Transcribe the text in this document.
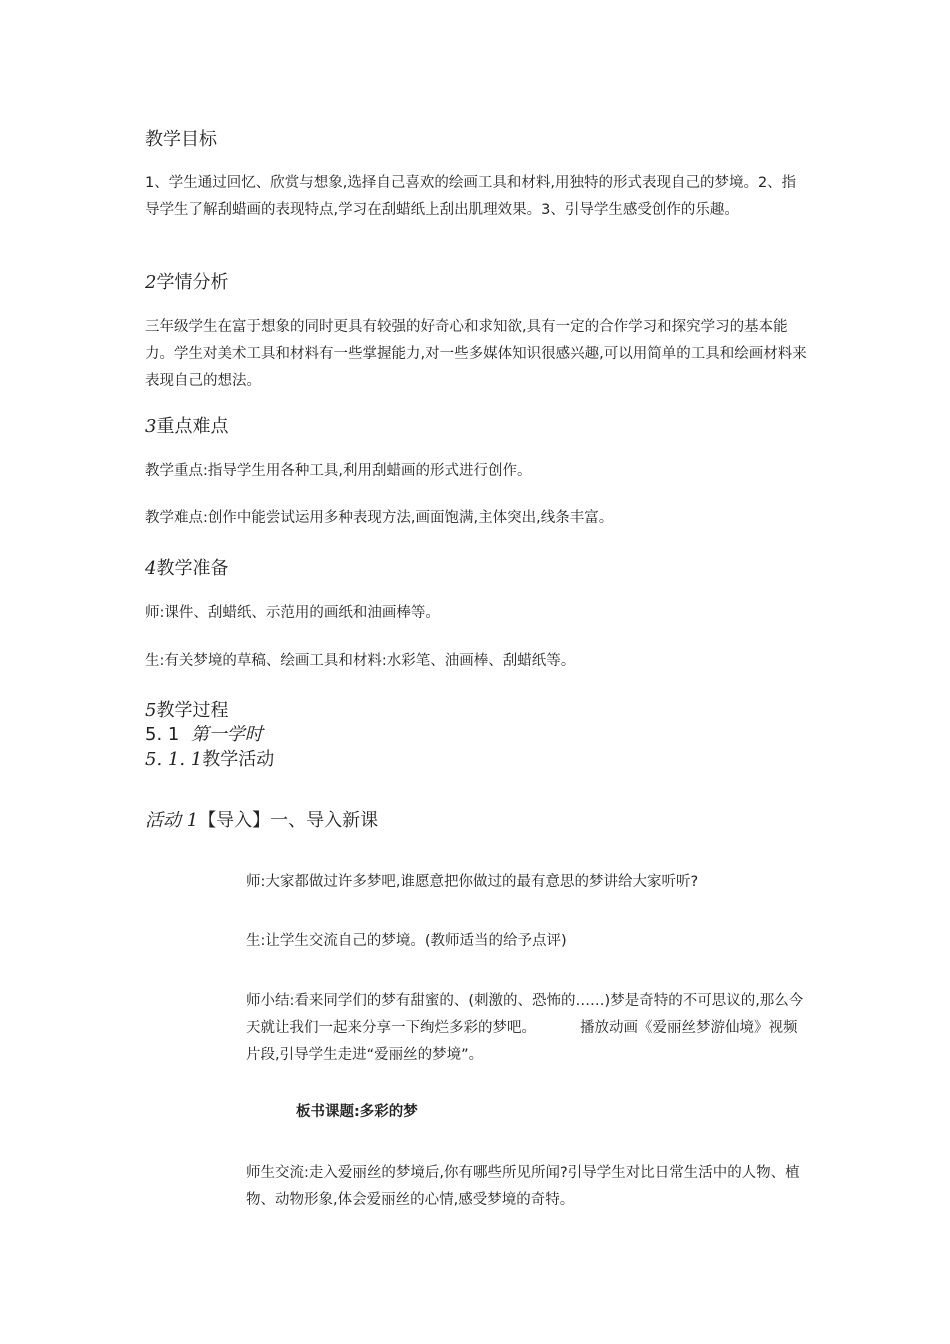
教学目标

1、学生通过回忆、欣赏与想象,选择自己喜欢的绘画工具和材料,用独特的形式表现自己的梦境。2、指导学生了解刮蜡画的表现特点,学习在刮蜡纸上刮出肌理效果。3、引导学生感受创作的乐趣。

2学情分析

三年级学生在富于想象的同时更具有较强的好奇心和求知欲,具有一定的合作学习和探究学习的基本能力。学生对美术工具和材料有一些掌握能力,对一些多媒体知识很感兴趣,可以用简单的工具和绘画材料来表现自己的想法。

3重点难点

教学重点:指导学生用各种工具,利用刮蜡画的形式进行创作。

教学难点:创作中能尝试运用多种表现方法,画面饱满,主体突出,线条丰富。

4教学准备

师:课件、刮蜡纸、示范用的画纸和油画棒等。

生:有关梦境的草稿、绘画工具和材料:水彩笔、油画棒、刮蜡纸等。

5教学过程
5. 1 第一学时
5. 1. 1教学活动
活动 1【导入】一、导入新课

师:大家都做过许多梦吧,谁愿意把你做过的最有意思的梦讲给大家听听?

生:让学生交流自己的梦境。(教师适当的给予点评)

师小结:看来同学们的梦有甜蜜的、(刺激的、恐怖的……)梦是奇特的不可思议的,那么今天就让我们一起来分享一下绚烂多彩的梦吧。	播放动画《爱丽丝梦游仙境》视频片段,引导学生走进“爱丽丝的梦境”。

板书课题:多彩的梦

师生交流:走入爱丽丝的梦境后,你有哪些所见所闻?引导学生对比日常生活中的人物、植物、动物形象,体会爱丽丝的心情,感受梦境的奇特。
